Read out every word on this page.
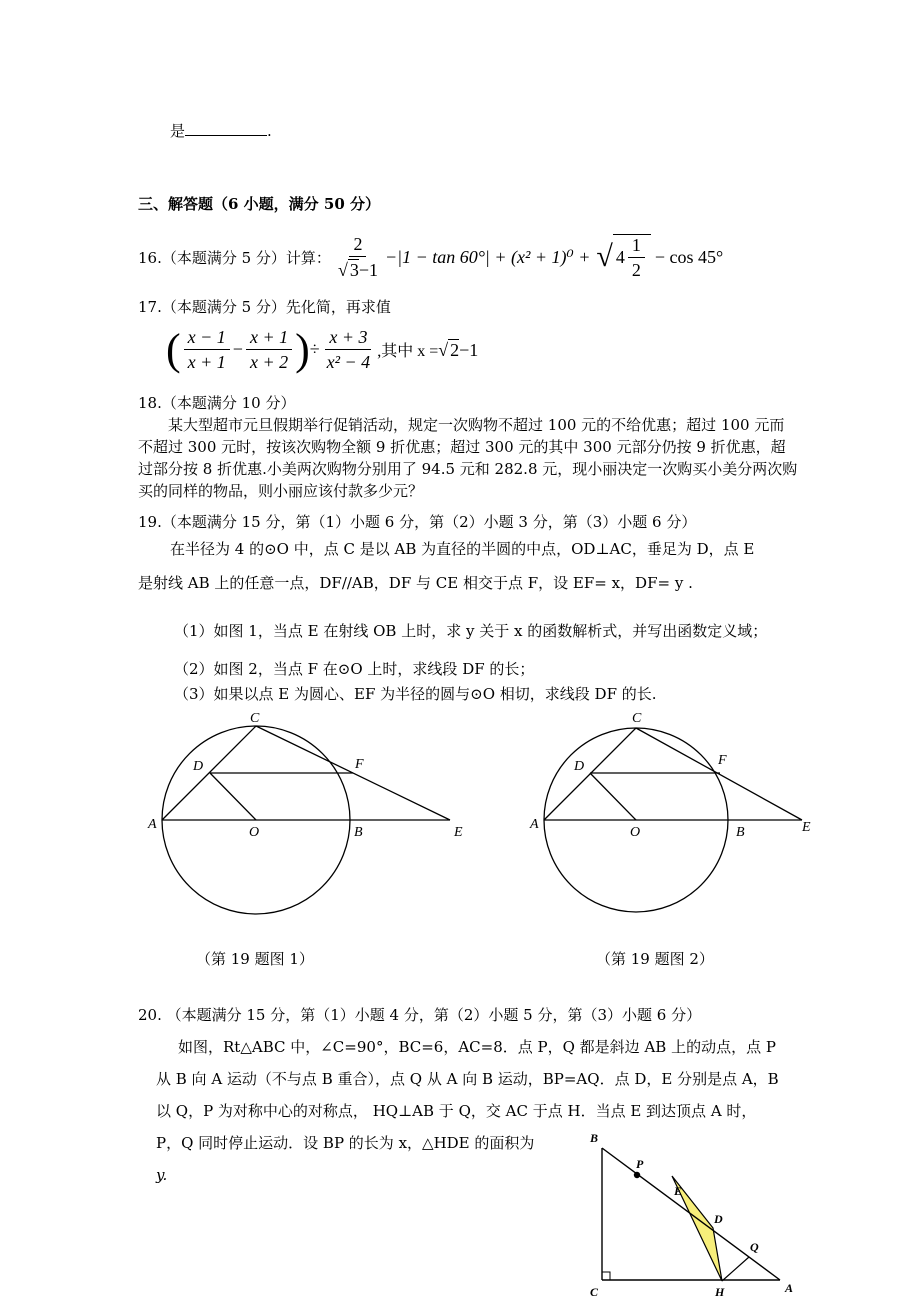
是	.
三、解答题（6 小题，满分 50 分）
16.（本题满分 5 分）计算： $\frac{2}{√ 3-1} -|1 - \tan 60^\circ| + (x^2 + 1)^0$ + √ $4 \frac{1}{2} - \cos 45^\circ$
17.（本题满分 5 分）先化简，再求值
( $\frac{x - 1}{x + 1} - \frac{x + 1}{x + 2}$ ) ÷ $\frac{x + 3}{\text{x² − 4}}$ ,其中 x = √ 2−1
18.（本题满分 10 分）
某大型超市元旦假期举行促销活动，规定一次购物不超过 100 元的不给优惠；超过 100 元而不超过 300 元时，按该次购物全额 9 折优惠；超过 300 元的其中 300 元部分仍按 9 折优惠，超过部分按 8 折优惠.小美两次购物分别用了 94.5 元和 282.8 元，现小丽决定一次购买小美分两次购买的同样的物品，则小丽应该付款多少元？
19.（本题满分 15 分，第（1）小题 6 分，第（2）小题 3 分，第（3）小题 6 分）
在半径为 4 的⊙O 中，点 C 是以 AB 为直径的半圆的中点，OD⊥AC，垂足为 D，点 E
是射线 AB 上的任意一点，DF//AB，DF 与 CE 相交于点 F，设 EF= x，DF= y .
（1）如图 1，当点 E 在射线 OB 上时，求 y 关于 x 的函数解析式，并写出函数定义域；
（2）如图 2，当点 F 在⊙O 上时，求线段 DF 的长；
（3）如果以点 E 为圆心、EF 为半径的圆与⊙O 相切，求线段 DF 的长.
C
D	F
A
O	B	E
C
D	F
A
O	B	E
（第 19 题图 1）	（第 19 题图 2）
20. （本题满分 15 分，第（1）小题 4 分，第（2）小题 5 分，第（3）小题 6 分）
如图，Rt△ABC 中，∠C=90°，BC=6，AC=8．点 P，Q 都是斜边 AB 上的动点，点 P
从 B 向 A 运动（不与点 B 重合），点 Q 从 A 向 B 运动，BP=AQ．点 D，E 分别是点 A，B
以 Q，P 为对称中心的对称点， HQ⊥AB 于 Q，交 AC 于点 H．当点 E 到达顶点 A 时，
P，Q 同时停止运动．设 BP 的长为 x，△HDE 的面积为
y.
B
P
E
D
Q
C	H	A
